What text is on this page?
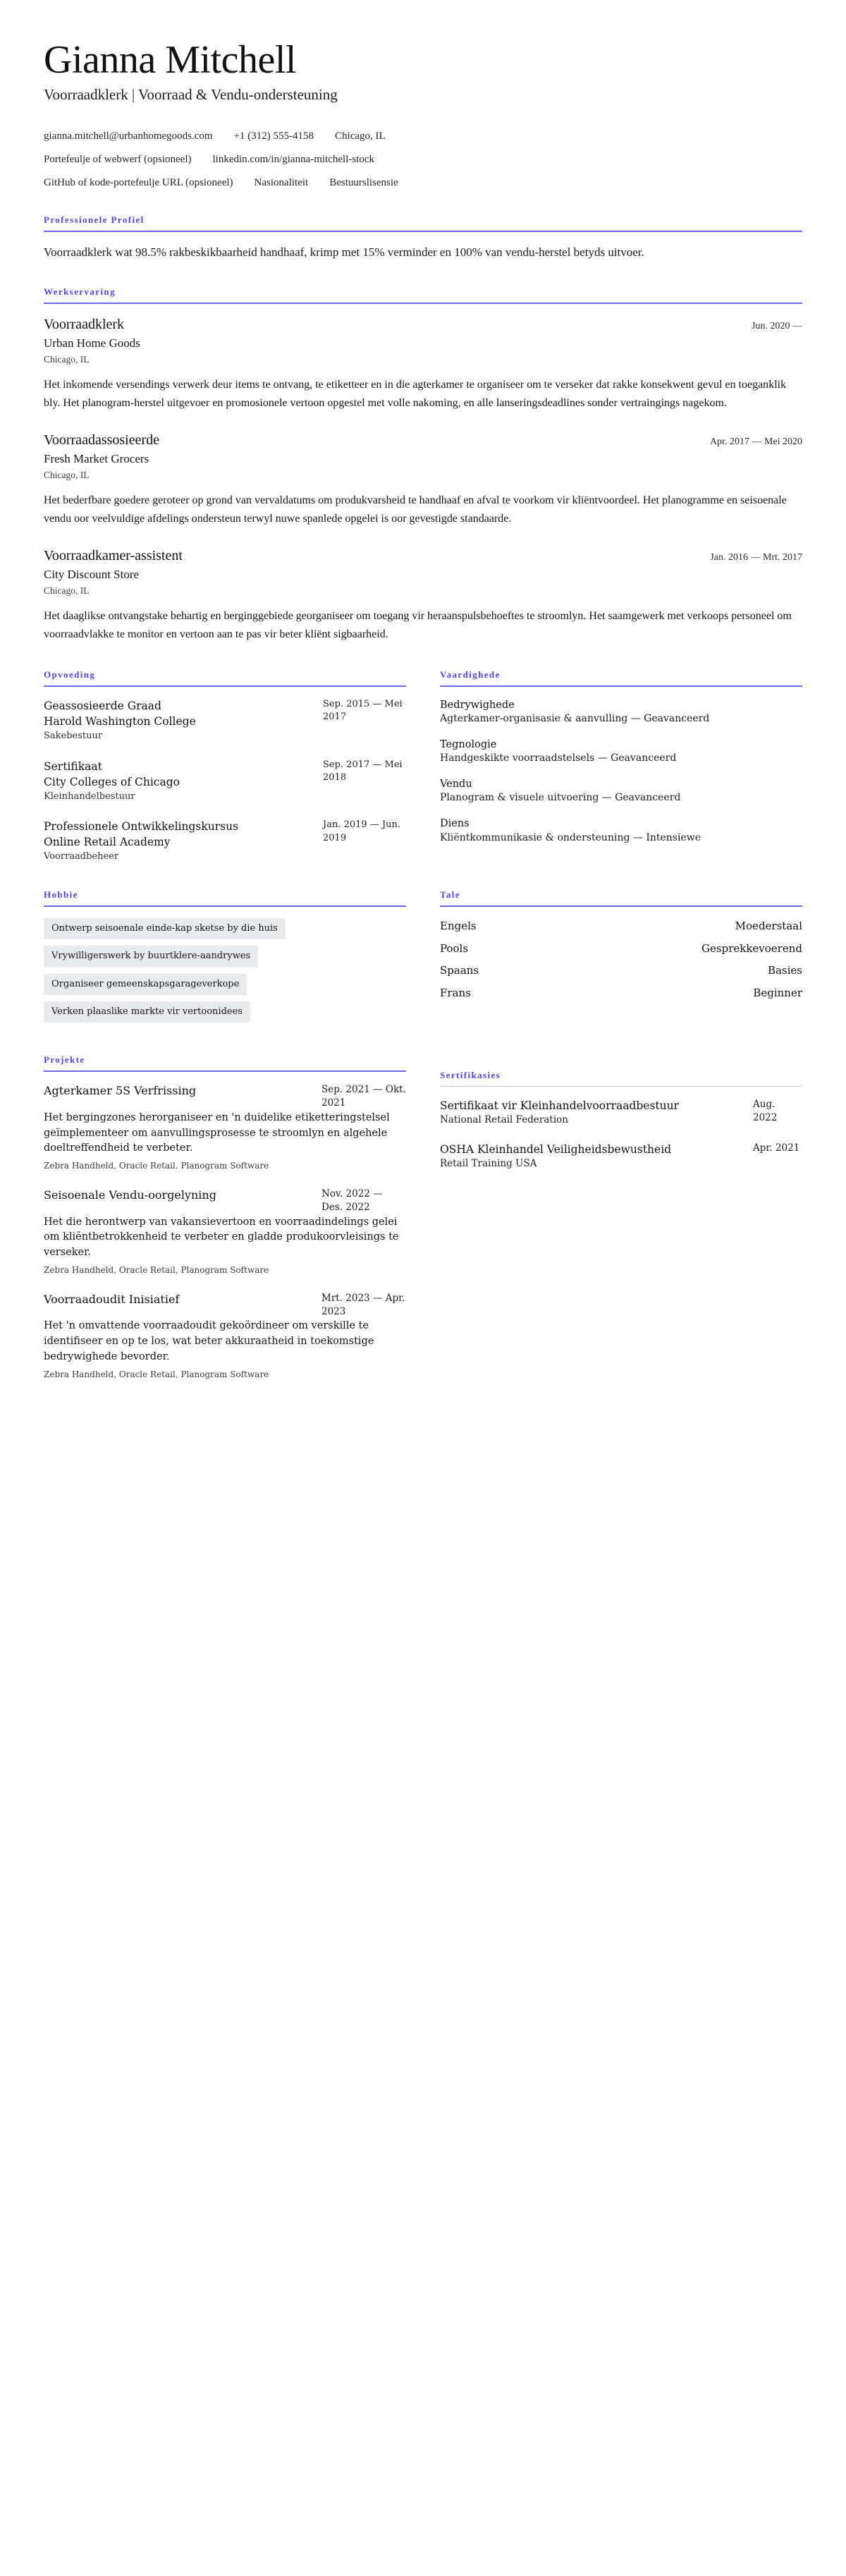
Gianna Mitchell
Voorraadklerk | Voorraad & Vendu-ondersteuning
gianna.mitchell@urbanhomegoods.com +1 (312) 555-4158 Chicago, IL
Portefeulje of webwerf (opsioneel) linkedin.com/in/gianna-mitchell-stock
GitHub of kode-portefeulje URL (opsioneel) Nasionaliteit Bestuurslisensie
Professionele Profiel

Voorraadklerk wat 98.5% rakbeskikbaarheid handhaaf, krimp met 15% verminder en 100% van vendu-herstel betyds uitvoer.

Werkservaring
Voorraadklerk	Jun. 2020 —
Urban Home Goods
Chicago, IL
Het inkomende versendings verwerk deur items te ontvang, te etiketteer en in die agterkamer te organiseer om te verseker dat rakke konsekwent gevul en toeganklik bly. Het planogram-herstel uitgevoer en promosionele vertoon opgestel met volle nakoming, en alle lanseringsdeadlines sonder vertraingings nagekom.
Voorraadassosieerde	Apr. 2017 — Mei 2020
Fresh Market Grocers
Chicago, IL
Het bederfbare goedere geroteer op grond van vervaldatums om produkvarsheid te handhaaf en afval te voorkom vir kliëntvoordeel. Het planogramme en seisoenale vendu oor veelvuldige afdelings ondersteun terwyl nuwe spanlede opgelei is oor gevestigde standaarde.
Voorraadkamer-assistent	Jan. 2016 — Mrt. 2017
City Discount Store
Chicago, IL
Het daaglikse ontvangstake behartig en berginggebiede georganiseer om toegang vir heraanspulsbehoeftes te stroomlyn. Het saamgewerk met verkoops personeel om voorraadvlakke te monitor en vertoon aan te pas vir beter kliënt sigbaarheid.
Opvoeding
Geassosieerde Graad
Harold Washington College
Sakebestuur
Sep. 2015 — Mei 2017
Sertifikaat
City Colleges of Chicago
Kleinhandelbestuur
Sep. 2017 — Mei 2018
Professionele Ontwikkelingskursus
Online Retail Academy
Voorraadbeheer
Jan. 2019 — Jun. 2019
Vaardighede
Bedrywighede
Agterkamer-organisasie & aanvulling — Geavanceerd
Tegnologie
Handgeskikte voorraadstelsels — Geavanceerd
Vendu
Planogram & visuele uitvoering — Geavanceerd
Diens
Kliëntkommunikasie & ondersteuning — Intensiewe
Hobbie
Ontwerp seisoenale einde-kap sketse by die huis
Vrywilligerswerk by buurtklere-aandrywes
Organiseer gemeenskapsgarageverkope
Verken plaaslike markte vir vertoonidees
Tale
Engels	Moederstaal
Pools	Gesprekkevoerend
Spaans	Basies
Frans	Beginner
Projekte
Agterkamer 5S Verfrissing	Sep. 2021 — Okt. 2021
Het bergingzones herorganiseer en 'n duidelike etiketteringstelsel geïmplementeer om aanvullingsprosesse te stroomlyn en algehele doeltreffendheid te verbeter.
Zebra Handheld, Oracle Retail, Planogram Software
Seisoenale Vendu-oorgelyning	Nov. 2022 — Des. 2022
Het die herontwerp van vakansievertoon en voorraadindelings gelei om kliëntbetrokkenheid te verbeter en gladde produkoorvleisings te verseker.
Zebra Handheld, Oracle Retail, Planogram Software
Voorraadoudit Inisiatief	Mrt. 2023 — Apr. 2023
Het 'n omvattende voorraadoudit gekoördineer om verskille te identifiseer en op te los, wat beter akkuraatheid in toekomstige bedrywighede bevorder.
Zebra Handheld, Oracle Retail, Planogram Software
Sertifikasies
Sertifikaat vir Kleinhandelvoorraadbestuur
National Retail Federation
Aug. 2022
OSHA Kleinhandel Veiligheidsbewustheid
Retail Training USA
Apr. 2021
